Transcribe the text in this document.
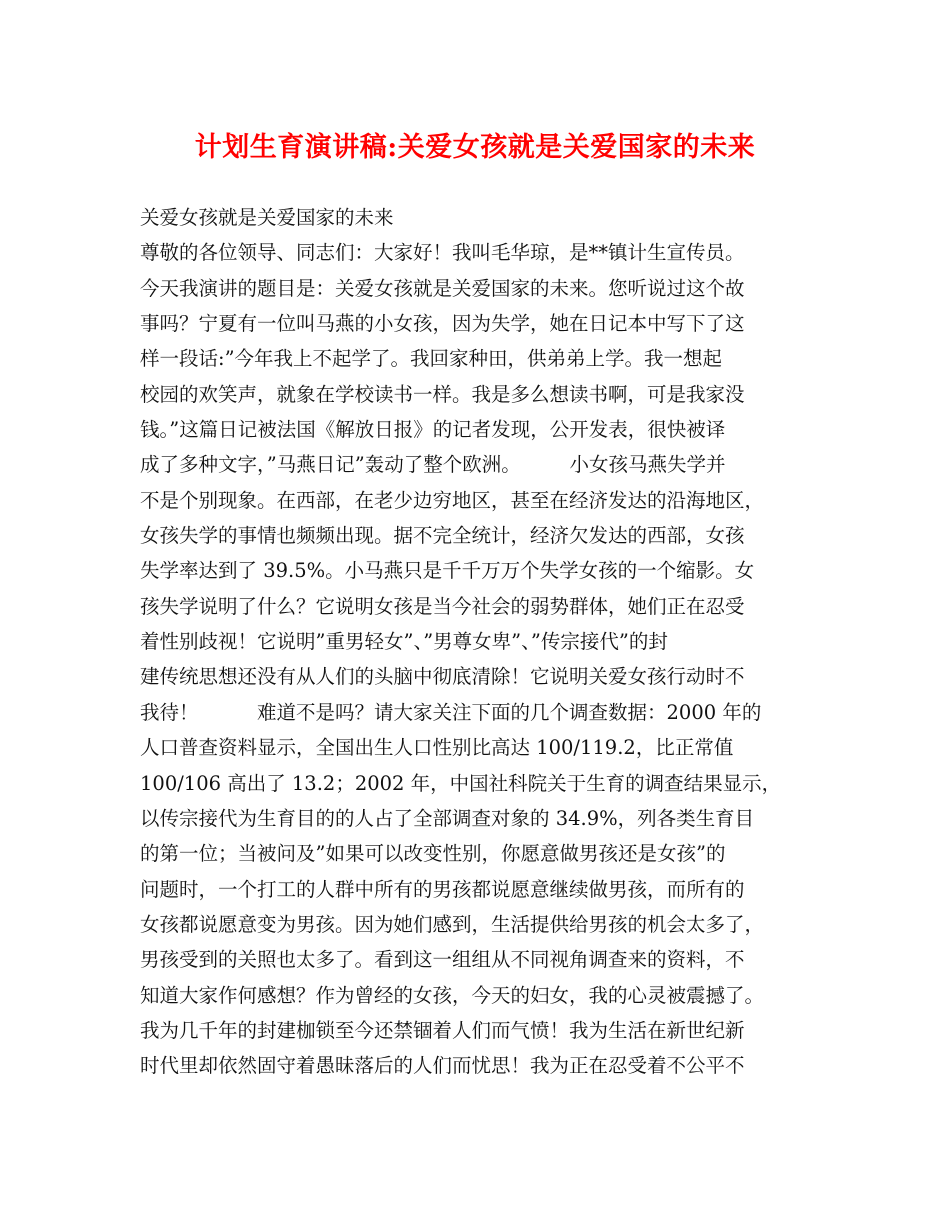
计划生育演讲稿:关爱女孩就是关爱国家的未来
关爱女孩就是关爱国家的未来
尊敬的各位领导、同志们：大家好！我叫毛华琼，是**镇计生宣传员。
今天我演讲的题目是：关爱女孩就是关爱国家的未来。您听说过这个故
事吗？宁夏有一位叫马燕的小女孩，因为失学，她在日记本中写下了这
样一段话:”今年我上不起学了。我回家种田，供弟弟上学。我一想起
校园的欢笑声，就象在学校读书一样。我是多么想读书啊，可是我家没
钱。”这篇日记被法国《解放日报》的记者发现，公开发表，很快被译
成了多种文字，”马燕日记”轰动了整个欧洲。　　　小女孩马燕失学并
不是个别现象。在西部，在老少边穷地区，甚至在经济发达的沿海地区，
女孩失学的事情也频频出现。据不完全统计，经济欠发达的西部，女孩
失学率达到了 39.5%。小马燕只是千千万万个失学女孩的一个缩影。女
孩失学说明了什么？它说明女孩是当今社会的弱势群体，她们正在忍受
着性别歧视！它说明”重男轻女”、”男尊女卑”、”传宗接代”的封
建传统思想还没有从人们的头脑中彻底清除！它说明关爱女孩行动时不
我待！　　　难道不是吗？请大家关注下面的几个调查数据：2000 年的
人口普查资料显示，全国出生人口性别比高达 100/119.2，比正常值
100/106 高出了 13.2；2002 年，中国社科院关于生育的调查结果显示，
以传宗接代为生育目的的人占了全部调查对象的 34.9%，列各类生育目
的第一位；当被问及”如果可以改变性别，你愿意做男孩还是女孩”的
问题时，一个打工的人群中所有的男孩都说愿意继续做男孩，而所有的
女孩都说愿意变为男孩。因为她们感到，生活提供给男孩的机会太多了，
男孩受到的关照也太多了。看到这一组组从不同视角调查来的资料，不
知道大家作何感想？作为曾经的女孩，今天的妇女，我的心灵被震撼了。
我为几千年的封建枷锁至今还禁锢着人们而气愤！我为生活在新世纪新
时代里却依然固守着愚昧落后的人们而忧思！我为正在忍受着不公平不
